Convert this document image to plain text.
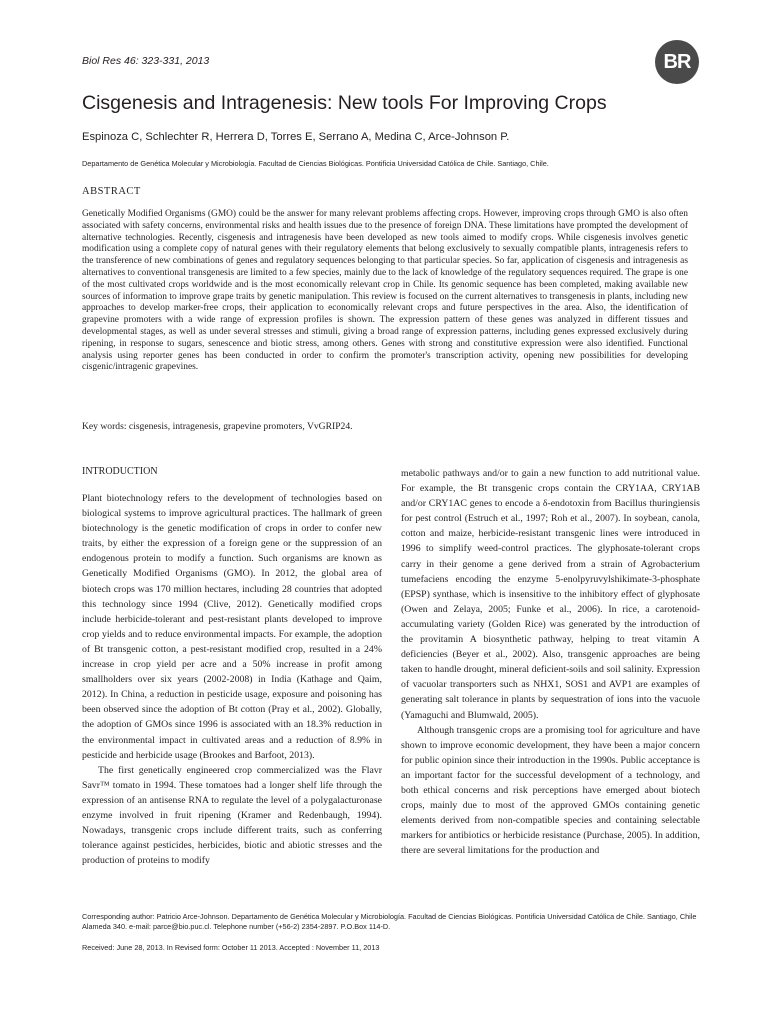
Biol Res 46: 323-331, 2013	BR
Cisgenesis and Intragenesis: New tools For Improving Crops
Espinoza C, Schlechter R, Herrera D, Torres E, Serrano A, Medina C, Arce-Johnson P.
Departamento de Genética Molecular y Microbiología. Facultad de Ciencias Biológicas. Pontificia Universidad Católica de Chile. Santiago, Chile.
ABSTRACT

Genetically Modified Organisms (GMO) could be the answer for many relevant problems affecting crops. However, improving crops through GMO is also often associated with safety concerns, environmental risks and health issues due to the presence of foreign DNA. These limitations have prompted the development of alternative technologies. Recently, cisgenesis and intragenesis have been developed as new tools aimed to modify crops. While cisgenesis involves genetic modification using a complete copy of natural genes with their regulatory elements that belong exclusively to sexually compatible plants, intragenesis refers to the transference of new combinations of genes and regulatory sequences belonging to that particular species. So far, application of cisgenesis and intragenesis as alternatives to conventional transgenesis are limited to a few species, mainly due to the lack of knowledge of the regulatory sequences required. The grape is one of the most cultivated crops worldwide and is the most economically relevant crop in Chile. Its genomic sequence has been completed, making available new sources of information to improve grape traits by genetic manipulation. This review is focused on the current alternatives to transgenesis in plants, including new approaches to develop marker-free crops, their application to economically relevant crops and future perspectives in the area. Also, the identification of grapevine promoters with a wide range of expression profiles is shown. The expression pattern of these genes was analyzed in different tissues and developmental stages, as well as under several stresses and stimuli, giving a broad range of expression patterns, including genes expressed exclusively during ripening, in response to sugars, senescence and biotic stress, among others. Genes with strong and constitutive expression were also identified. Functional analysis using reporter genes has been conducted in order to confirm the promoter's transcription activity, opening new possibilities for developing cisgenic/intragenic grapevines.

Key words: cisgenesis, intragenesis, grapevine promoters, VvGRIP24.
INTRODUCTION

Plant biotechnology refers to the development of technologies based on biological systems to improve agricultural practices. The hallmark of green biotechnology is the genetic modification of crops in order to confer new traits, by either the expression of a foreign gene or the suppression of an endogenous protein to modify a function. Such organisms are known as Genetically Modified Organisms (GMO). In 2012, the global area of biotech crops was 170 million hectares, including 28 countries that adopted this technology since 1994 (Clive, 2012). Genetically modified crops include herbicide-tolerant and pest-resistant plants developed to improve crop yields and to reduce environmental impacts. For example, the adoption of Bt transgenic cotton, a pest-resistant modified crop, resulted in a 24% increase in crop yield per acre and a 50% increase in profit among smallholders over six years (2002-2008) in India (Kathage and Qaim, 2012). In China, a reduction in pesticide usage, exposure and poisoning has been observed since the adoption of Bt cotton (Pray et al., 2002). Globally, the adoption of GMOs since 1996 is associated with an 18.3% reduction in the environmental impact in cultivated areas and a reduction of 8.9% in pesticide and herbicide usage (Brookes and Barfoot, 2013).

The first genetically engineered crop commercialized was the Flavr Savr™ tomato in 1994. These tomatoes had a longer shelf life through the expression of an antisense RNA to regulate the level of a polygalacturonase enzyme involved in fruit ripening (Kramer and Redenbaugh, 1994). Nowadays, transgenic crops include different traits, such as conferring tolerance against pesticides, herbicides, biotic and abiotic stresses and the production of proteins to modify

metabolic pathways and/or to gain a new function to add nutritional value. For example, the Bt transgenic crops contain the CRY1AA, CRY1AB and/or CRY1AC genes to encode a δ-endotoxin from Bacillus thuringiensis for pest control (Estruch et al., 1997; Roh et al., 2007). In soybean, canola, cotton and maize, herbicide-resistant transgenic lines were introduced in 1996 to simplify weed-control practices. The glyphosate-tolerant crops carry in their genome a gene derived from a strain of Agrobacterium tumefaciens encoding the enzyme 5-enolpyruvylshikimate-3-phosphate (EPSP) synthase, which is insensitive to the inhibitory effect of glyphosate (Owen and Zelaya, 2005; Funke et al., 2006). In rice, a carotenoid-accumulating variety (Golden Rice) was generated by the introduction of the provitamin A biosynthetic pathway, helping to treat vitamin A deficiencies (Beyer et al., 2002). Also, transgenic approaches are being taken to handle drought, mineral deficient-soils and soil salinity. Expression of vacuolar transporters such as NHX1, SOS1 and AVP1 are examples of generating salt tolerance in plants by sequestration of ions into the vacuole (Yamaguchi and Blumwald, 2005).

Although transgenic crops are a promising tool for agriculture and have shown to improve economic development, they have been a major concern for public opinion since their introduction in the 1990s. Public acceptance is an important factor for the successful development of a technology, and both ethical concerns and risk perceptions have emerged about biotech crops, mainly due to most of the approved GMOs containing genetic elements derived from non-compatible species and containing selectable markers for antibiotics or herbicide resistance (Purchase, 2005). In addition, there are several limitations for the production and

Corresponding author: Patricio Arce-Johnson. Departamento de Genética Molecular y Microbiología. Facultad de Ciencias Biológicas. Pontificia Universidad Católica de Chile. Santiago, Chile Alameda 340. e-mail: parce@bio.puc.cl. Telephone number (+56-2) 2354-2897. P.O.Box 114-D.

Received: June 28, 2013. In Revised form: October 11 2013. Accepted : November 11, 2013
